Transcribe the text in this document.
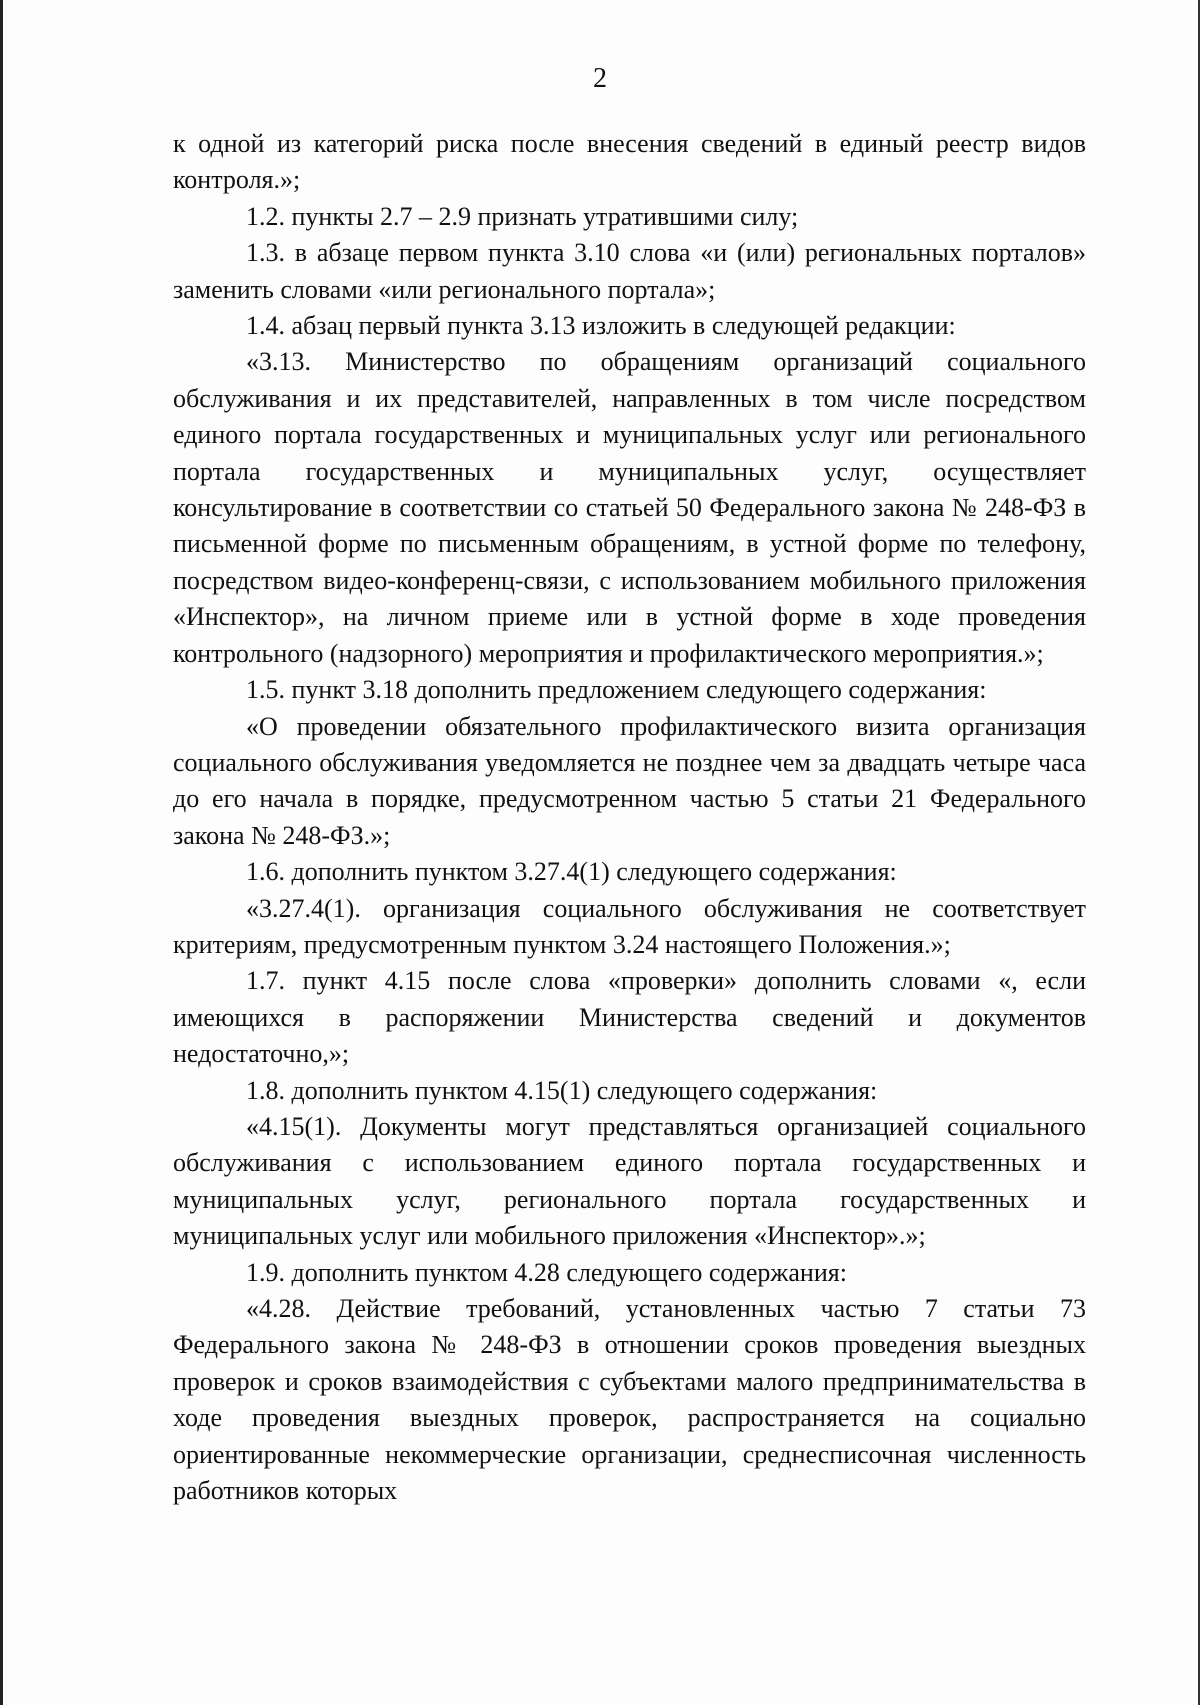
2

к одной из категорий риска после внесения сведений в единый реестр видов контроля.»;

1.2. пункты 2.7 – 2.9 признать утратившими силу;

1.3. в абзаце первом пункта 3.10 слова «и (или) региональных порталов» заменить словами «или регионального портала»;

1.4. абзац первый пункта 3.13 изложить в следующей редакции:

«3.13. Министерство по обращениям организаций социального обслуживания и их представителей, направленных в том числе посредством единого портала государственных и муниципальных услуг или регионального портала государственных и муниципальных услуг, осуществляет консультирование в соответствии со статьей 50 Федерального закона № 248-ФЗ в письменной форме по письменным обращениям, в устной форме по телефону, посредством видео-конференц-связи, с использованием мобильного приложения «Инспектор», на личном приеме или в устной форме в ходе проведения контрольного (надзорного) мероприятия и профилактического мероприятия.»;

1.5. пункт 3.18 дополнить предложением следующего содержания:

«О проведении обязательного профилактического визита организация социального обслуживания уведомляется не позднее чем за двадцать четыре часа до его начала в порядке, предусмотренном частью 5 статьи 21 Федерального закона № 248-ФЗ.»;

1.6. дополнить пунктом 3.27.4(1) следующего содержания:

«3.27.4(1). организация социального обслуживания не соответствует критериям, предусмотренным пунктом 3.24 настоящего Положения.»;

1.7. пункт 4.15 после слова «проверки» дополнить словами «, если имеющихся в распоряжении Министерства сведений и документов недостаточно,»;

1.8. дополнить пунктом 4.15(1) следующего содержания:

«4.15(1). Документы могут представляться организацией социального обслуживания с использованием единого портала государственных и муниципальных услуг, регионального портала государственных и муниципальных услуг или мобильного приложения «Инспектор».»;

1.9. дополнить пунктом 4.28 следующего содержания:

«4.28. Действие требований, установленных частью 7 статьи 73 Федерального закона № 248-ФЗ в отношении сроков проведения выездных проверок и сроков взаимодействия с субъектами малого предпринимательства в ходе проведения выездных проверок, распространяется на социально ориентированные некоммерческие организации, среднесписочная численность работников которых
